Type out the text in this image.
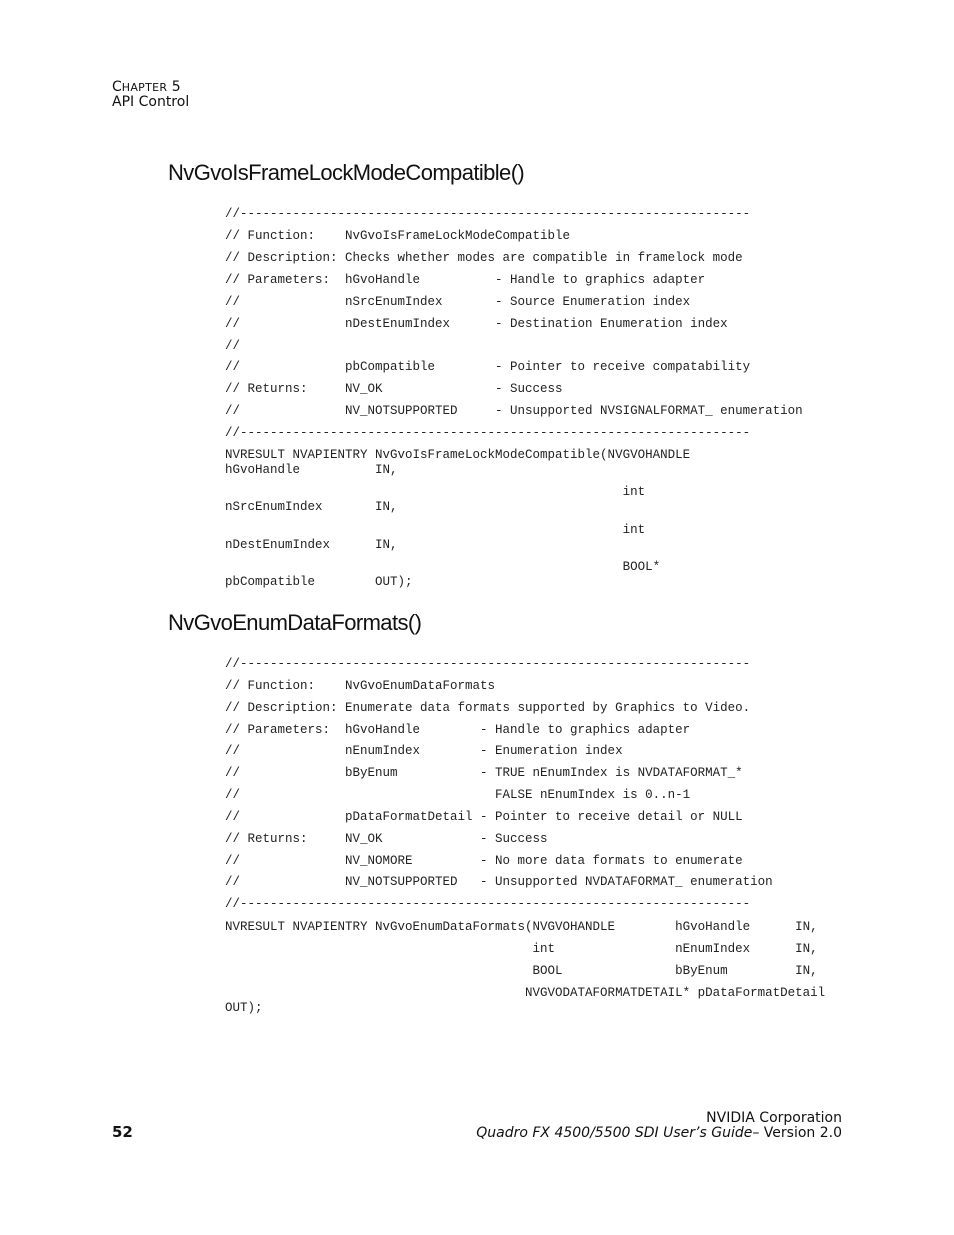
CHAPTER 5
API Control
NvGvoIsFrameLockModeCompatible()
//--------------------------------------------------------------------
// Function:    NvGvoIsFrameLockModeCompatible
// Description: Checks whether modes are compatible in framelock mode
// Parameters:  hGvoHandle          - Handle to graphics adapter
//              nSrcEnumIndex       - Source Enumeration index
//              nDestEnumIndex      - Destination Enumeration index
//
//              pbCompatible        - Pointer to receive compatability
// Returns:     NV_OK               - Success
//              NV_NOTSUPPORTED     - Unsupported NVSIGNALFORMAT_ enumeration
//--------------------------------------------------------------------
NVRESULT NVAPIENTRY NvGvoIsFrameLockModeCompatible(NVGVOHANDLE
hGvoHandle          IN,
int
nSrcEnumIndex       IN,
int
nDestEnumIndex      IN,
BOOL*
pbCompatible        OUT);
NvGvoEnumDataFormats()
//--------------------------------------------------------------------
// Function:    NvGvoEnumDataFormats
// Description: Enumerate data formats supported by Graphics to Video.
// Parameters:  hGvoHandle        - Handle to graphics adapter
//              nEnumIndex        - Enumeration index
//              bByEnum           - TRUE nEnumIndex is NVDATAFORMAT_*
//                                  FALSE nEnumIndex is 0..n-1
//              pDataFormatDetail - Pointer to receive detail or NULL
// Returns:     NV_OK             - Success
//              NV_NOMORE         - No more data formats to enumerate
//              NV_NOTSUPPORTED   - Unsupported NVDATAFORMAT_ enumeration
//--------------------------------------------------------------------
NVRESULT NVAPIENTRY NvGvoEnumDataFormats(NVGVOHANDLE        hGvoHandle      IN,
int                nEnumIndex      IN,
BOOL               bByEnum         IN,
NVGVODATAFORMATDETAIL* pDataFormatDetail
OUT);
52
NVIDIA Corporation
Quadro FX 4500/5500 SDI User’s Guide– Version 2.0
